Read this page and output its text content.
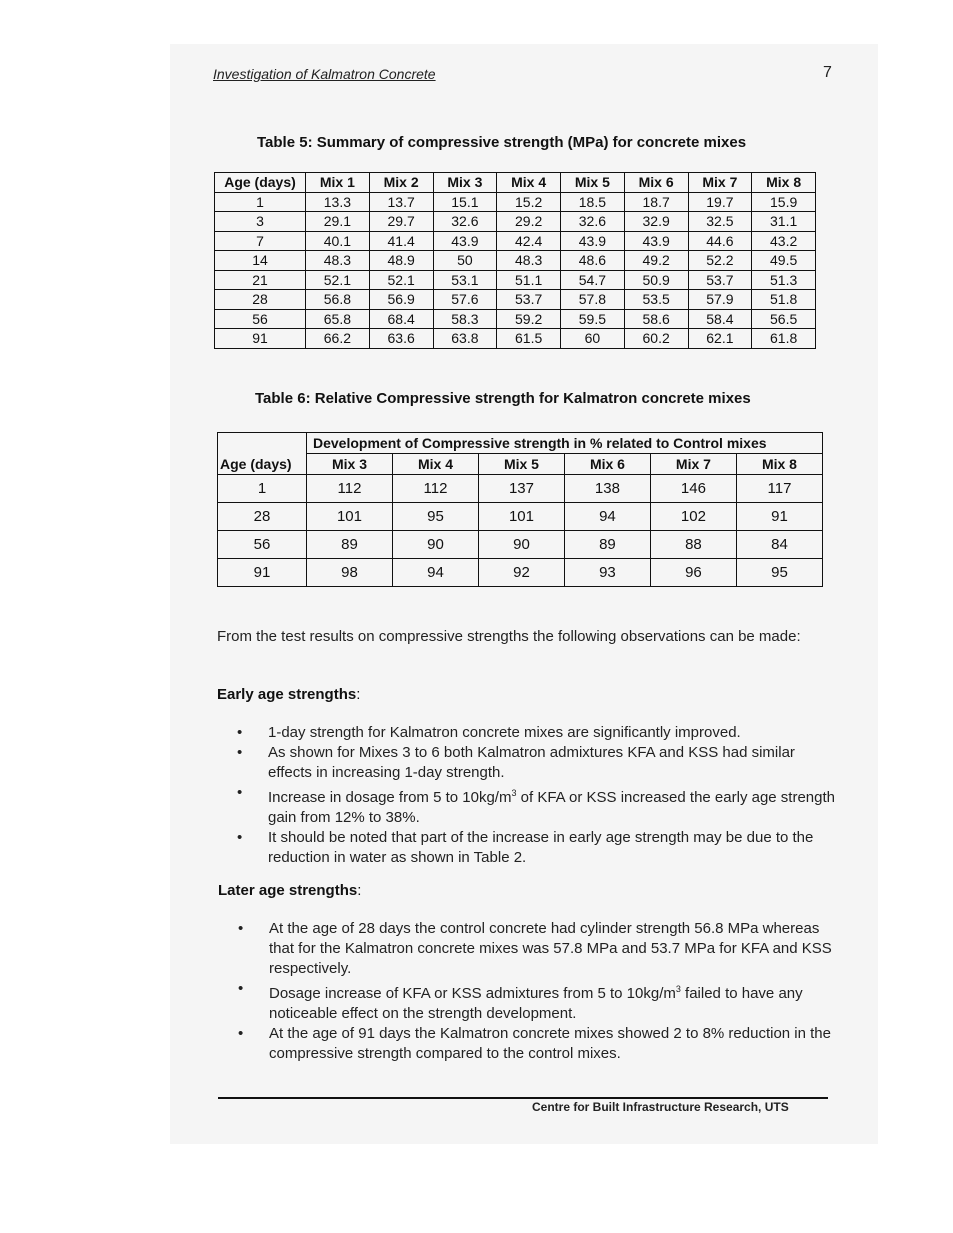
Investigation of Kalmatron Concrete	7
Table 5: Summary of compressive strength (MPa) for concrete mixes
Age (days)	Mix 1	Mix 2	Mix 3	Mix 4	Mix 5	Mix 6	Mix 7	Mix 8
1	13.3	13.7	15.1	15.2	18.5	18.7	19.7	15.9
3	29.1	29.7	32.6	29.2	32.6	32.9	32.5	31.1
7	40.1	41.4	43.9	42.4	43.9	43.9	44.6	43.2
14	48.3	48.9	50	48.3	48.6	49.2	52.2	49.5
21	52.1	52.1	53.1	51.1	54.7	50.9	53.7	51.3
28	56.8	56.9	57.6	53.7	57.8	53.5	57.9	51.8
56	65.8	68.4	58.3	59.2	59.5	58.6	58.4	56.5
91	66.2	63.6	63.8	61.5	60	60.2	62.1	61.8
Table 6: Relative Compressive strength for Kalmatron concrete mixes
Age (days)	Development of Compressive strength in % related to Control mixes					
	Mix 3	Mix 4	Mix 5	Mix 6	Mix 7	Mix 8
1	112	112	137	138	146	117
28	101	95	101	94	102	91
56	89	90	90	89	88	84
91	98	94	92	93	96	95
From the test results on compressive strengths the following observations can be made:
Early age strengths:
• 1-day strength for Kalmatron concrete mixes are significantly improved.
• As shown for Mixes 3 to 6 both Kalmatron admixtures KFA and KSS had similar effects in increasing 1-day strength.
• Increase in dosage from 5 to $10kg/m^3$ of KFA or KSS increased the early age strength gain from 12% to 38%.
• It should be noted that part of the increase in early age strength may be due to the reduction in water as shown in Table 2.
Later age strengths:
• At the age of 28 days the control concrete had cylinder strength 56.8 MPa whereas that for the Kalmatron concrete mixes was 57.8 MPa and 53.7 MPa for KFA and KSS respectively.
• Dosage increase of KFA or KSS admixtures from 5 to $10kg/m^3$ failed to have any noticeable effect on the strength development.
• At the age of 91 days the Kalmatron concrete mixes showed 2 to 8% reduction in the compressive strength compared to the control mixes.
Centre for Built Infrastructure Research, UTS
